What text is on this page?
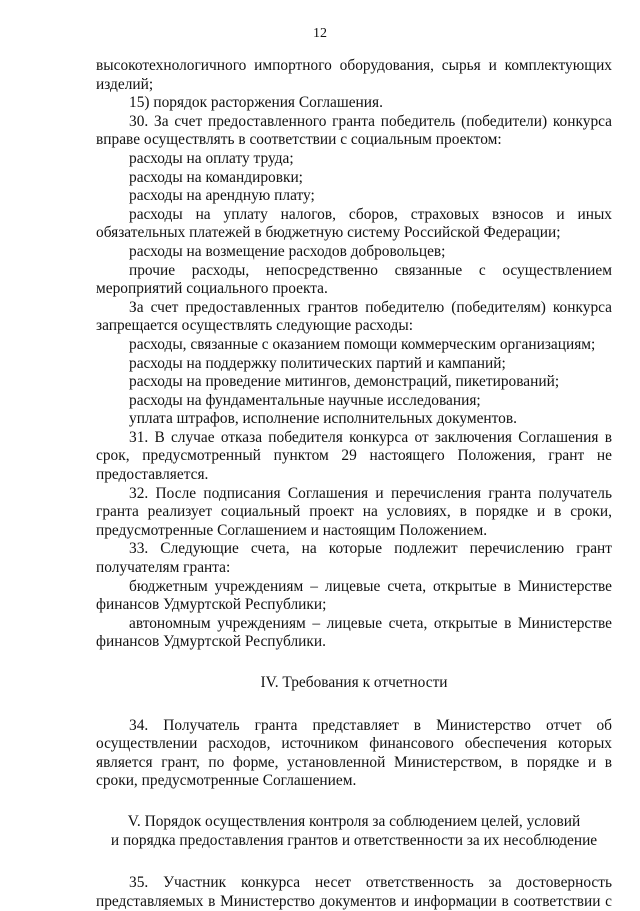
12

высокотехнологичного импортного оборудования, сырья и комплектующих изделий;

15) порядок расторжения Соглашения.

30. За счет предоставленного гранта победитель (победители) конкурса вправе осуществлять в соответствии с социальным проектом:

расходы на оплату труда;

расходы на командировки;

расходы на арендную плату;

расходы на уплату налогов, сборов, страховых взносов и иных обязательных платежей в бюджетную систему Российской Федерации;

расходы на возмещение расходов добровольцев;

прочие расходы, непосредственно связанные с осуществлением мероприятий социального проекта.

За счет предоставленных грантов победителю (победителям) конкурса запрещается осуществлять следующие расходы:

расходы, связанные с оказанием помощи коммерческим организациям;

расходы на поддержку политических партий и кампаний;

расходы на проведение митингов, демонстраций, пикетирований;

расходы на фундаментальные научные исследования;

уплата штрафов, исполнение исполнительных документов.

31. В случае отказа победителя конкурса от заключения Соглашения в срок, предусмотренный пунктом 29 настоящего Положения, грант не предоставляется.

32. После подписания Соглашения и перечисления гранта получатель гранта реализует социальный проект на условиях, в порядке и в сроки, предусмотренные Соглашением и настоящим Положением.

33. Следующие счета, на которые подлежит перечислению грант получателям гранта:

бюджетным учреждениям – лицевые счета, открытые в Министерстве финансов Удмуртской Республики;

автономным учреждениям – лицевые счета, открытые в Министерстве финансов Удмуртской Республики.

IV. Требования к отчетности

34. Получатель гранта представляет в Министерство отчет об осуществлении расходов, источником финансового обеспечения которых является грант, по форме, установленной Министерством, в порядке и в сроки, предусмотренные Соглашением.

V. Порядок осуществления контроля за соблюдением целей, условий
и порядка предоставления грантов и ответственности за их несоблюдение

35. Участник конкурса несет ответственность за достоверность представляемых в Министерство документов и информации в соответствии с
